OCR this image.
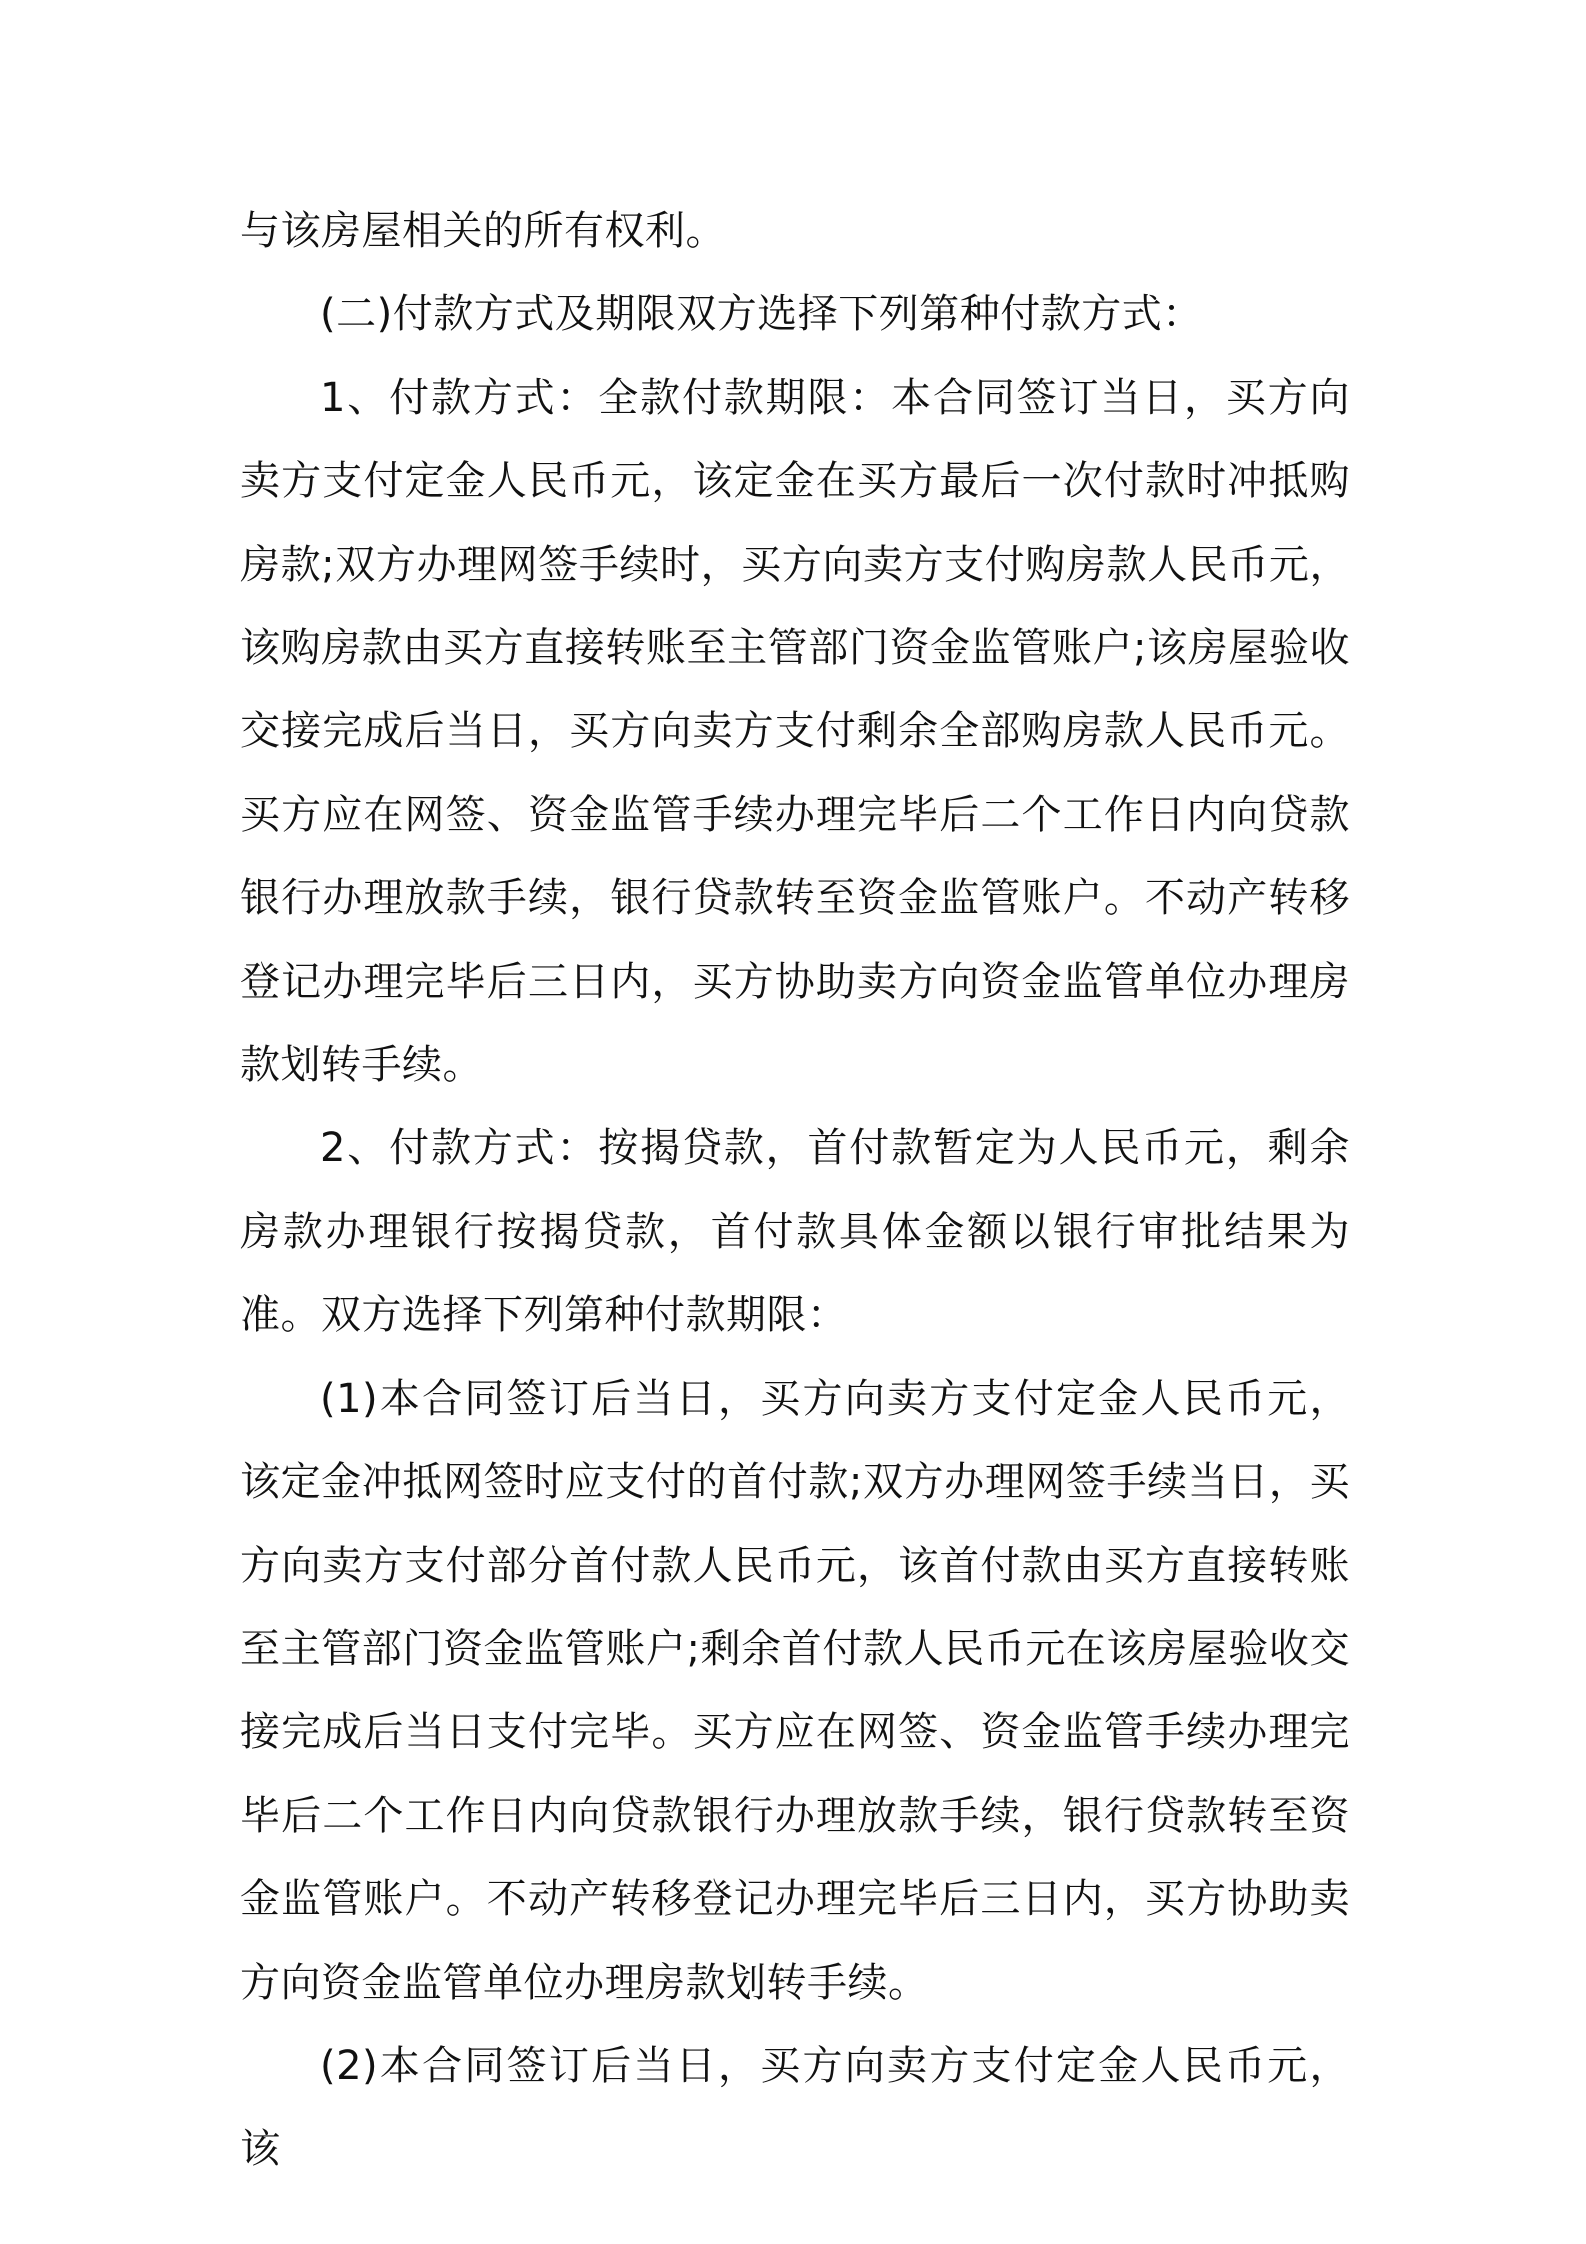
与该房屋相关的所有权利。

(二)付款方式及期限双方选择下列第种付款方式：

1、付款方式：全款付款期限：本合同签订当日，买方向卖方支付定金人民币元，该定金在买方最后一次付款时冲抵购房款;双方办理网签手续时，买方向卖方支付购房款人民币元，该购房款由买方直接转账至主管部门资金监管账户;该房屋验收交接完成后当日，买方向卖方支付剩余全部购房款人民币元。买方应在网签、资金监管手续办理完毕后二个工作日内向贷款银行办理放款手续，银行贷款转至资金监管账户。不动产转移登记办理完毕后三日内，买方协助卖方向资金监管单位办理房款划转手续。

2、付款方式：按揭贷款，首付款暂定为人民币元，剩余房款办理银行按揭贷款，首付款具体金额以银行审批结果为准。双方选择下列第种付款期限：

(1)本合同签订后当日，买方向卖方支付定金人民币元，该定金冲抵网签时应支付的首付款;双方办理网签手续当日，买方向卖方支付部分首付款人民币元，该首付款由买方直接转账至主管部门资金监管账户;剩余首付款人民币元在该房屋验收交接完成后当日支付完毕。买方应在网签、资金监管手续办理完毕后二个工作日内向贷款银行办理放款手续，银行贷款转至资金监管账户。不动产转移登记办理完毕后三日内，买方协助卖方向资金监管单位办理房款划转手续。

(2)本合同签订后当日，买方向卖方支付定金人民币元，该
